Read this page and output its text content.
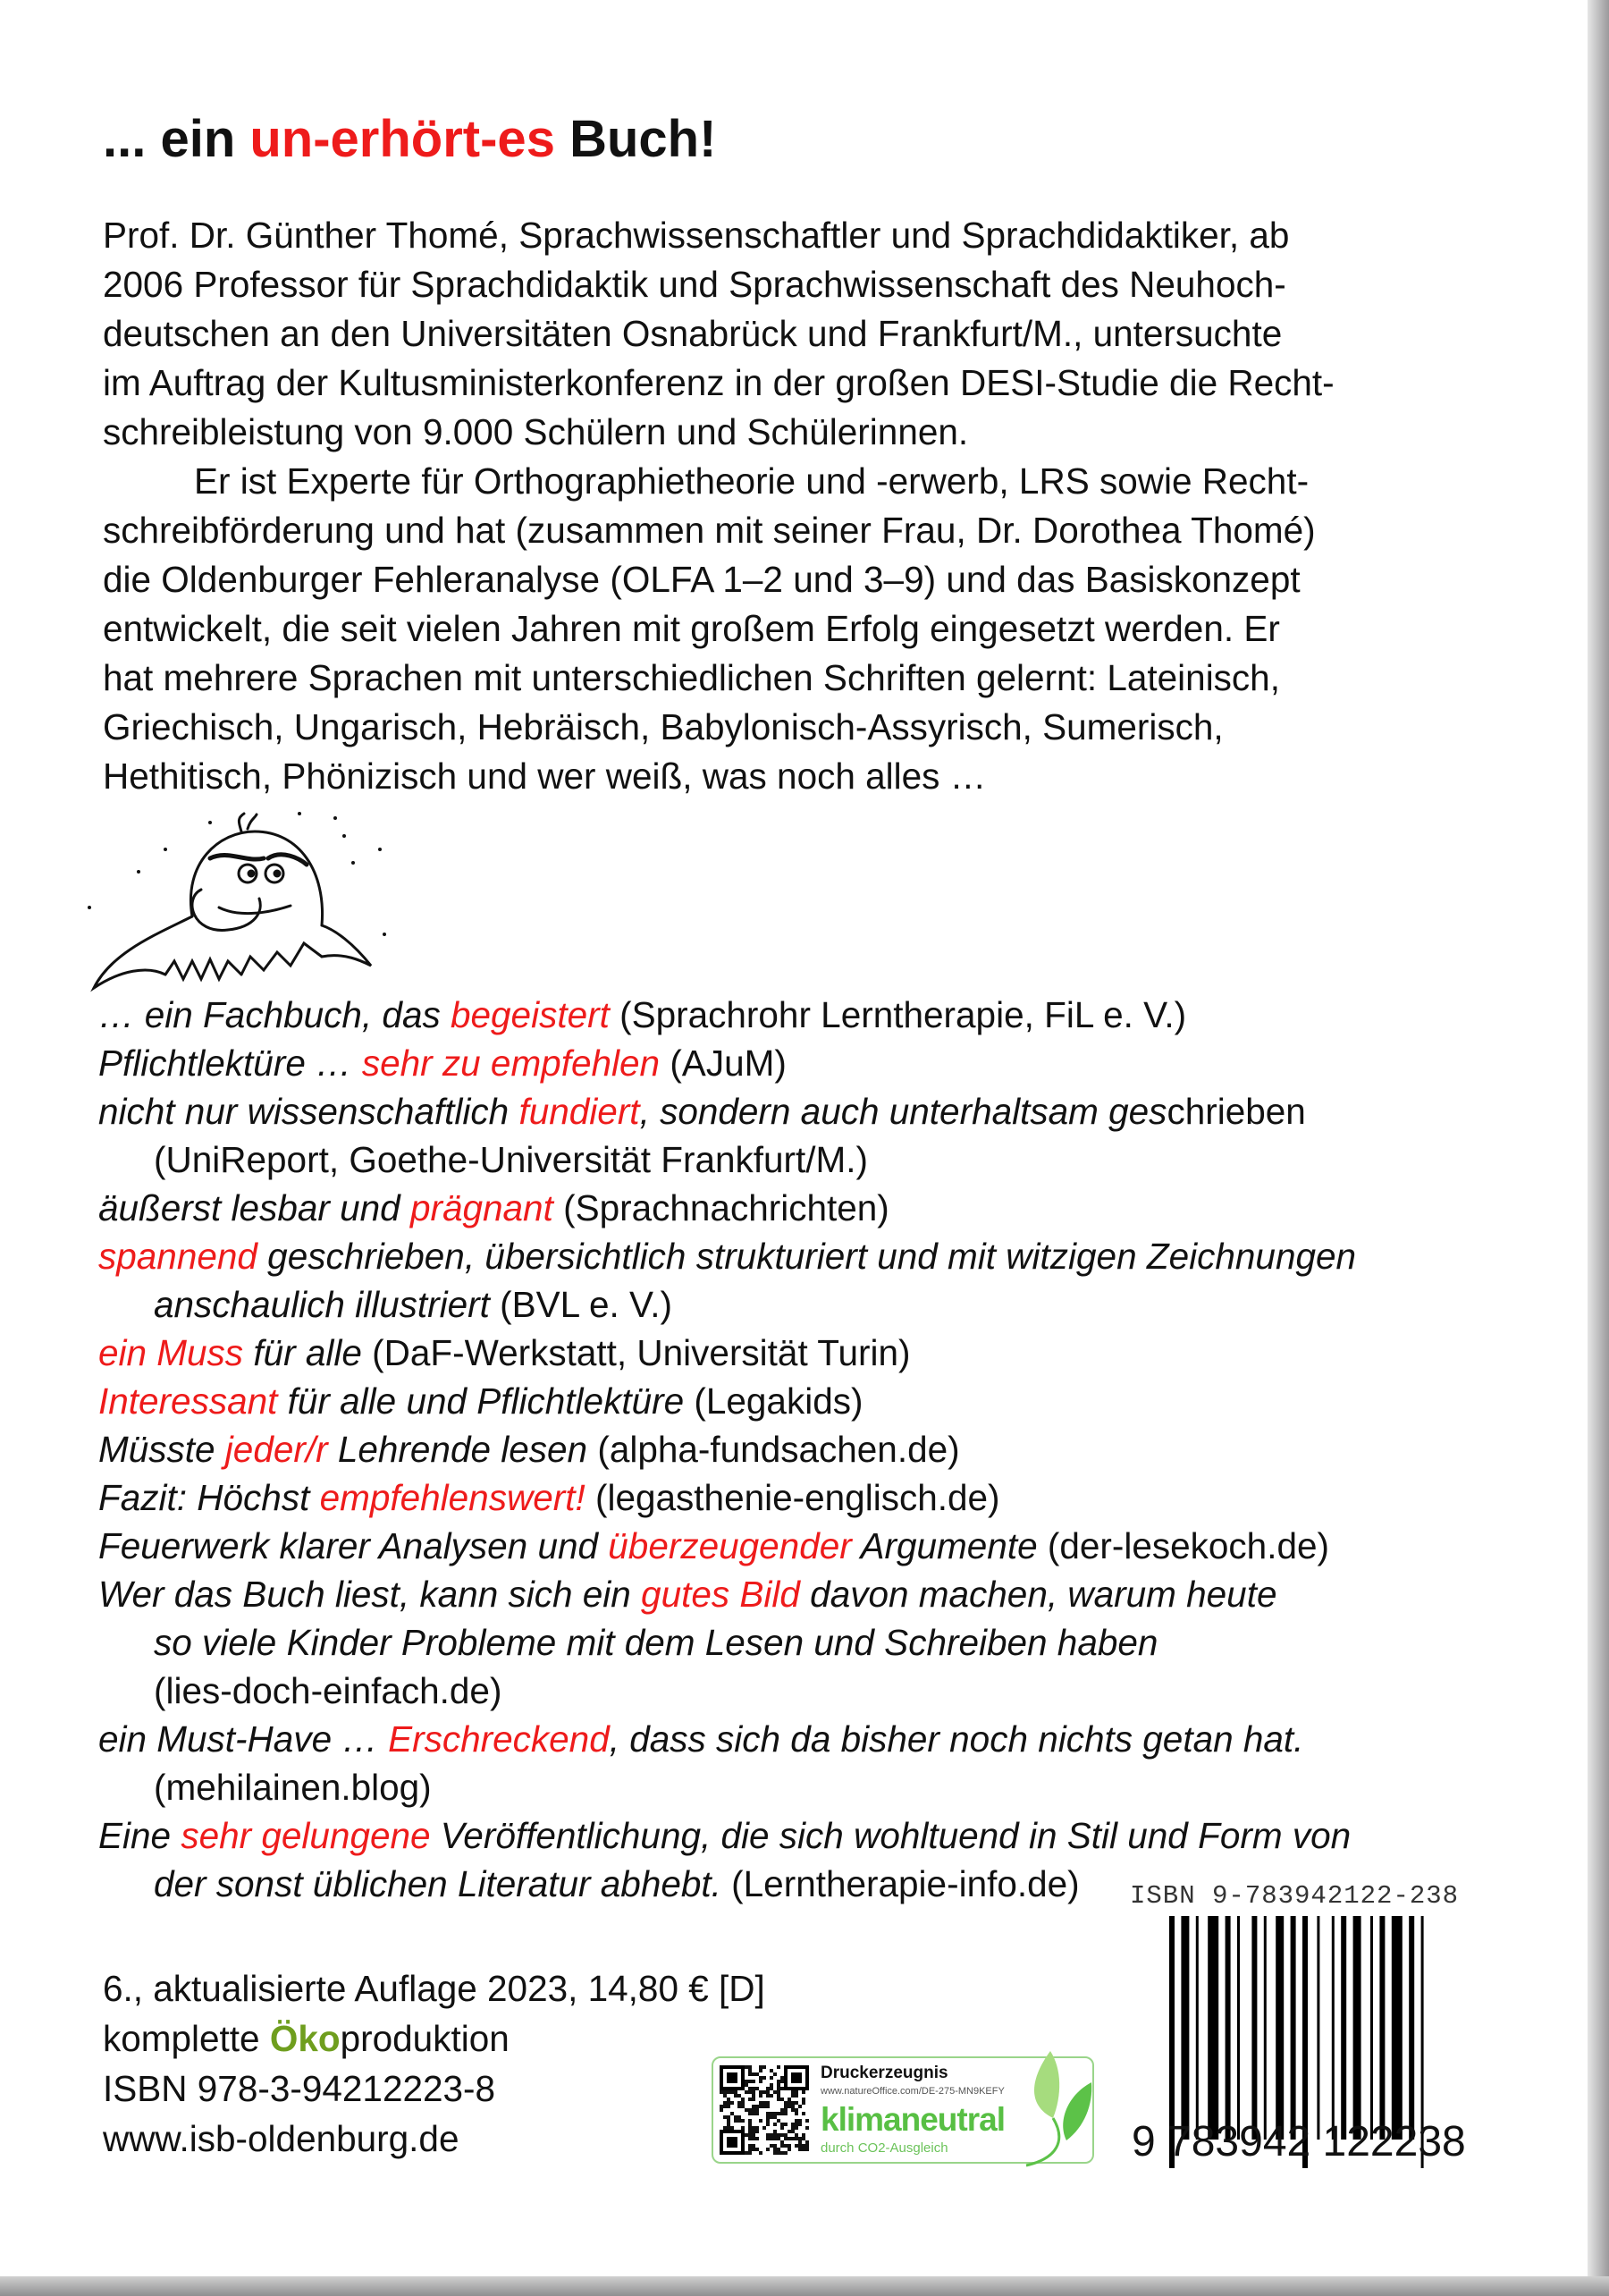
... ein un-erhört-es Buch!
Prof. Dr. Günther Thomé, Sprachwissenschaftler und Sprachdidaktiker, ab
2006 Professor für Sprachdidaktik und Sprachwissenschaft des Neuhoch-
deutschen an den Universitäten Osnabrück und Frankfurt/M., untersuchte
im Auftrag der Kultusministerkonferenz in der großen DESI-Studie die Recht-
schreibleistung von 9.000 Schülern und Schülerinnen.
Er ist Experte für Orthographietheorie und -erwerb, LRS sowie Recht-
schreibförderung und hat (zusammen mit seiner Frau, Dr. Dorothea Thomé)
die Oldenburger Fehleranalyse (OLFA 1–2 und 3–9) und das Basiskonzept
entwickelt, die seit vielen Jahren mit großem Erfolg eingesetzt werden. Er
hat mehrere Sprachen mit unterschiedlichen Schriften gelernt: Lateinisch,
Griechisch, Ungarisch, Hebräisch, Babylonisch-Assyrisch, Sumerisch,
Hethitisch, Phönizisch und wer weiß, was noch alles …
… ein Fachbuch, das begeistert (Sprachrohr Lerntherapie, FiL e. V.)
Pflichtlektüre … sehr zu empfehlen (AJuM)
nicht nur wissenschaftlich fundiert, sondern auch unterhaltsam geschrieben
(UniReport, Goethe-Universität Frankfurt/M.)
äußerst lesbar und prägnant (Sprachnachrichten)
spannend geschrieben, übersichtlich strukturiert und mit witzigen Zeichnungen
anschaulich illustriert (BVL e. V.)
ein Muss für alle (DaF-Werkstatt, Universität Turin)
Interessant für alle und Pflichtlektüre (Legakids)
Müsste jeder/r Lehrende lesen (alpha-fundsachen.de)
Fazit: Höchst empfehlenswert! (legasthenie-englisch.de)
Feuerwerk klarer Analysen und überzeugender Argumente (der-lesekoch.de)
Wer das Buch liest, kann sich ein gutes Bild davon machen, warum heute
so viele Kinder Probleme mit dem Lesen und Schreiben haben
(lies-doch-einfach.de)
ein Must-Have … Erschreckend, dass sich da bisher noch nichts getan hat.
(mehilainen.blog)
Eine sehr gelungene Veröffentlichung, die sich wohltuend in Stil und Form von
der sonst üblichen Literatur abhebt. (Lerntherapie-info.de)
6., aktualisierte Auflage 2023, 14,80 € [D]
komplette Ökoproduktion
ISBN 978-3-94212223-8
www.isb-oldenburg.de
Druckerzeugnis
www.natureOffice.com/DE-275-MN9KEFY
klimaneutral
durch CO2-Ausgleich
ISBN 9-783942122-238
9 783942 122238
